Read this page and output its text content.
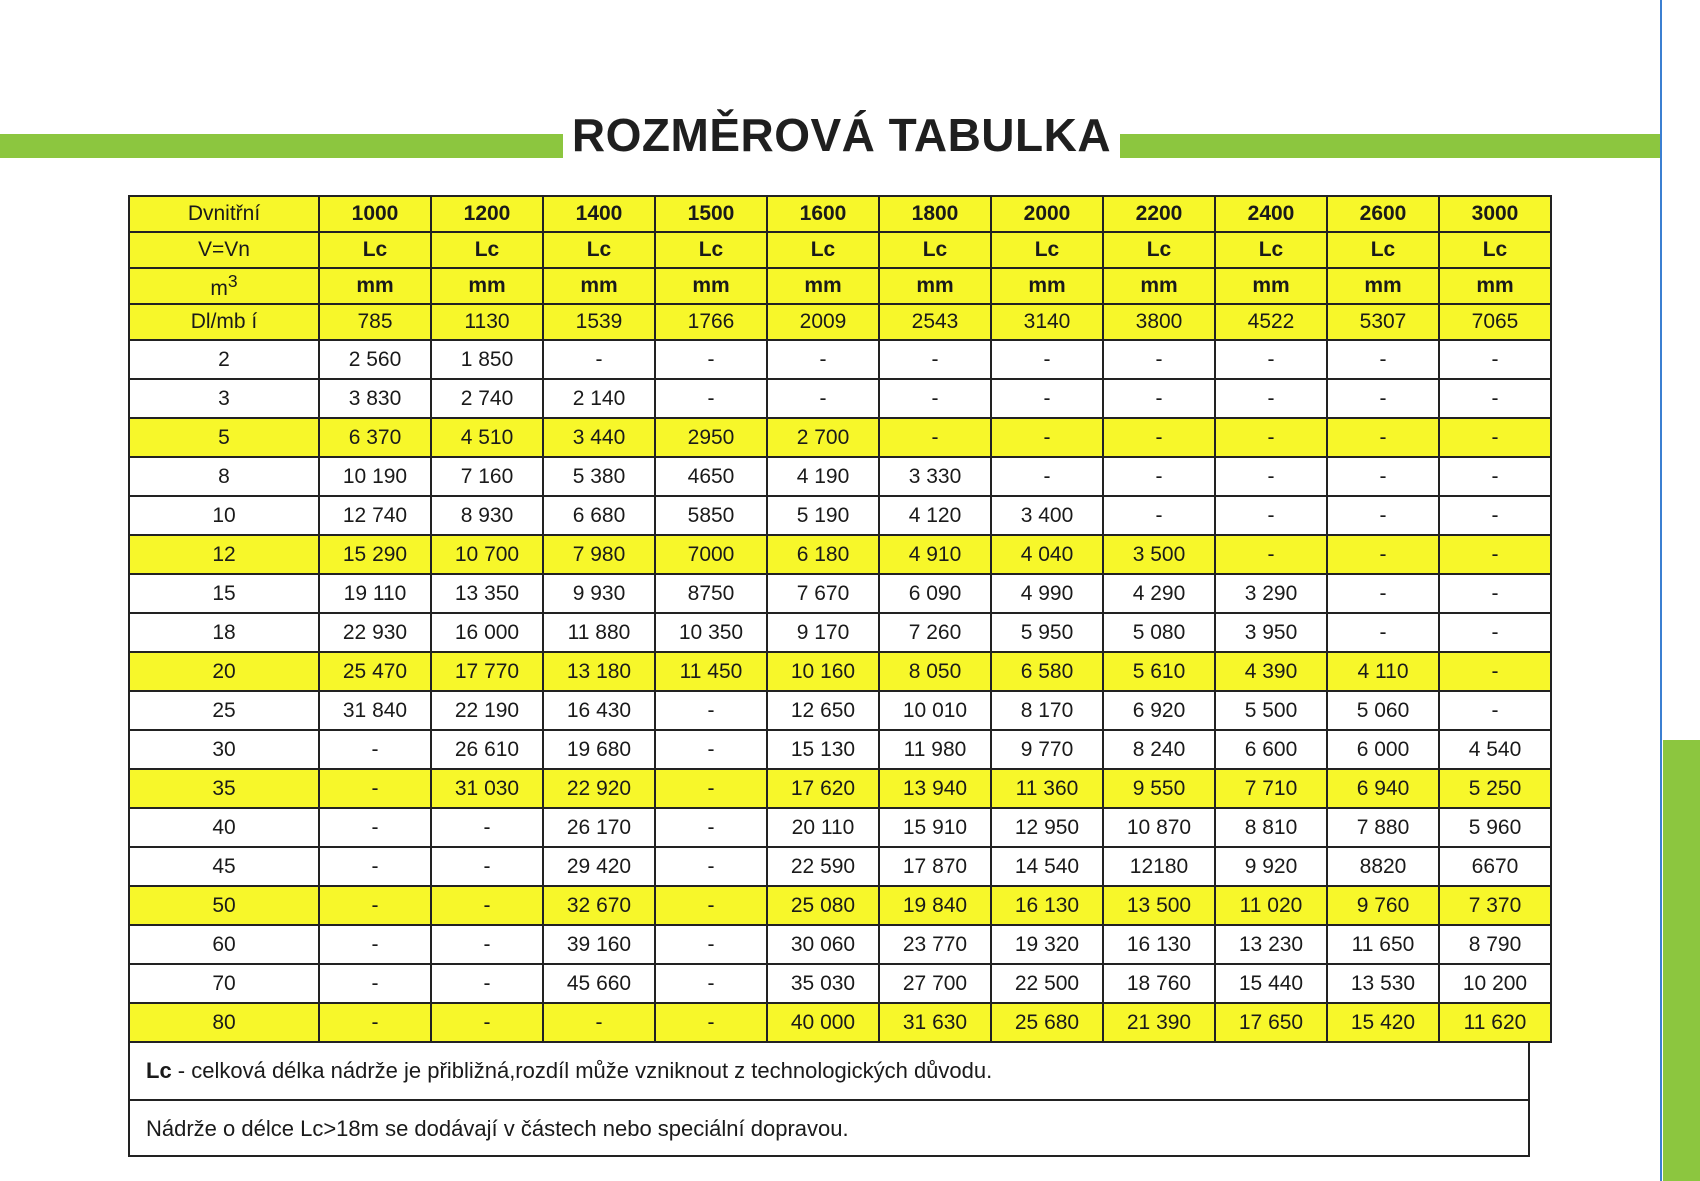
ROZMĚROVÁ TABULKA
Dvnitřní	1000	1200	1400	1500	1600	1800	2000	2200	2400	2600	3000
V=Vn	Lc	Lc	Lc	Lc	Lc	Lc	Lc	Lc	Lc	Lc	Lc
$m^3$	mm	mm	mm	mm	mm	mm	mm	mm	mm	mm	mm
Dl/mb í	785	1130	1539	1766	2009	2543	3140	3800	4522	5307	7065
2	2 560	1 850	-	-	-	-	-	-	-	-	-
3	3 830	2 740	2 140	-	-	-	-	-	-	-	-
5	6 370	4 510	3 440	2950	2 700	-	-	-	-	-	-
8	10 190	7 160	5 380	4650	4 190	3 330	-	-	-	-	-
10	12 740	8 930	6 680	5850	5 190	4 120	3 400	-	-	-	-
12	15 290	10 700	7 980	7000	6 180	4 910	4 040	3 500	-	-	-
15	19 110	13 350	9 930	8750	7 670	6 090	4 990	4 290	3 290	-	-
18	22 930	16 000	11 880	10 350	9 170	7 260	5 950	5 080	3 950	-	-
20	25 470	17 770	13 180	11 450	10 160	8 050	6 580	5 610	4 390	4 110	-
25	31 840	22 190	16 430	-	12 650	10 010	8 170	6 920	5 500	5 060	-
30	-	26 610	19 680	-	15 130	11 980	9 770	8 240	6 600	6 000	4 540
35	-	31 030	22 920	-	17 620	13 940	11 360	9 550	7 710	6 940	5 250
40	-	-	26 170	-	20 110	15 910	12 950	10 870	8 810	7 880	5 960
45	-	-	29 420	-	22 590	17 870	14 540	12180	9 920	8820	6670
50	-	-	32 670	-	25 080	19 840	16 130	13 500	11 020	9 760	7 370
60	-	-	39 160	-	30 060	23 770	19 320	16 130	13 230	11 650	8 790
70	-	-	45 660	-	35 030	27 700	22 500	18 760	15 440	13 530	10 200
80	-	-	-	-	40 000	31 630	25 680	21 390	17 650	15 420	11 620
Lc - celková délka nádrže je přibližná,rozdíl může vzniknout z technologických důvodu.
Nádrže o délce Lc>18m se dodávají v částech nebo speciální dopravou.
